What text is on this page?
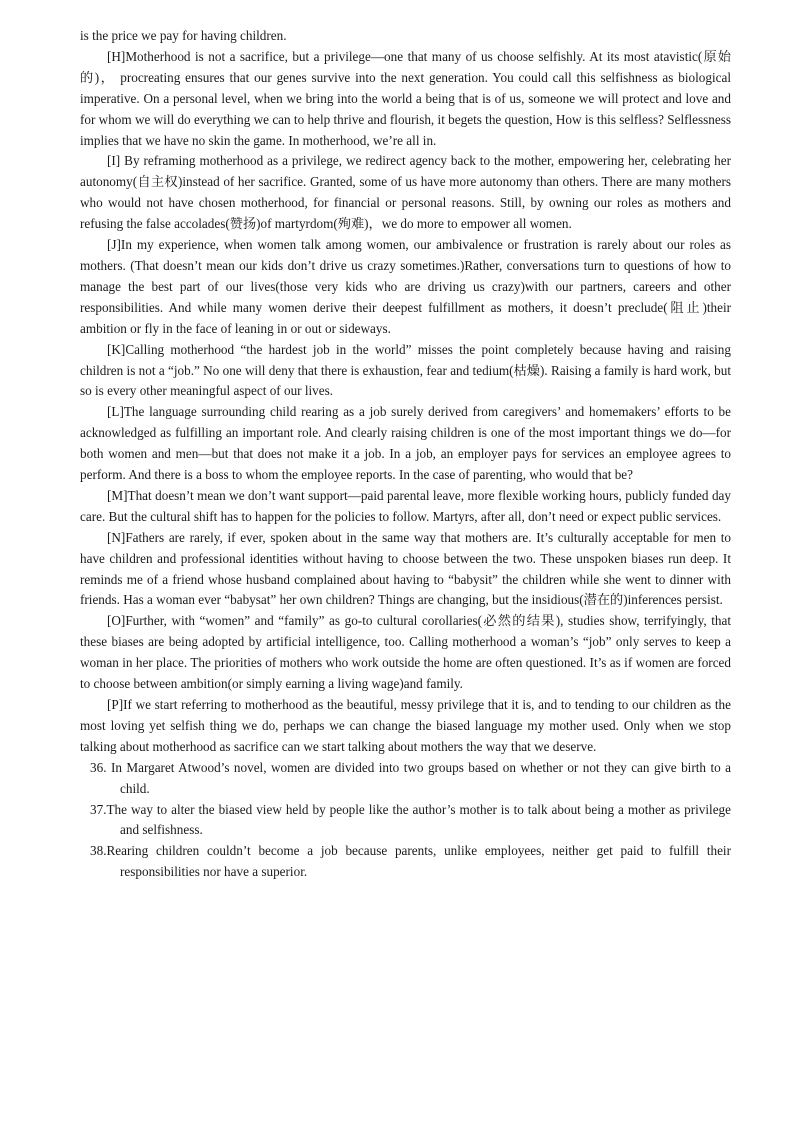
is the price we pay for having children.

[H]Motherhood is not a sacrifice, but a privilege—one that many of us choose selfishly. At its most atavistic(原始的)， procreating ensures that our genes survive into the next generation. You could call this selfishness as biological imperative. On a personal level, when we bring into the world a being that is of us, someone we will protect and love and for whom we will do everything we can to help thrive and flourish, it begets the question, How is this selfless? Selflessness implies that we have no skin the game. In motherhood, we’re all in.

[I] By reframing motherhood as a privilege, we redirect agency back to the mother, empowering her, celebrating her autonomy(自主权)instead of her sacrifice. Granted, some of us have more autonomy than others. There are many mothers who would not have chosen motherhood, for financial or personal reasons. Still, by owning our roles as mothers and refusing the false accolades(赞扬)of martyrdom(殉难)，we do more to empower all women.

[J]In my experience, when women talk among women, our ambivalence or frustration is rarely about our roles as mothers. (That doesn’t mean our kids don’t drive us crazy sometimes.)Rather, conversations turn to questions of how to manage the best part of our lives(those very kids who are driving us crazy)with our partners, careers and other responsibilities. And while many women derive their deepest fulfillment as mothers, it doesn’t preclude(阻止)their ambition or fly in the face of leaning in or out or sideways.

[K]Calling motherhood “the hardest job in the world” misses the point completely because having and raising children is not a “job.” No one will deny that there is exhaustion, fear and tedium(枯燥). Raising a family is hard work, but so is every other meaningful aspect of our lives.

[L]The language surrounding child rearing as a job surely derived from caregivers’ and homemakers’ efforts to be acknowledged as fulfilling an important role. And clearly raising children is one of the most important things we do—for both women and men—but that does not make it a job. In a job, an employer pays for services an employee agrees to perform. And there is a boss to whom the employee reports. In the case of parenting, who would that be?

[M]That doesn’t mean we don’t want support—paid parental leave, more flexible working hours, publicly funded day care. But the cultural shift has to happen for the policies to follow. Martyrs, after all, don’t need or expect public services.

[N]Fathers are rarely, if ever, spoken about in the same way that mothers are. It’s culturally acceptable for men to have children and professional identities without having to choose between the two. These unspoken biases run deep. It reminds me of a friend whose husband complained about having to “babysit” the children while she went to dinner with friends. Has a woman ever “babysat” her own children? Things are changing, but the insidious(潜在的)inferences persist.

[O]Further, with “women” and “family” as go-to cultural corollaries(必然的结果), studies show, terrifyingly, that these biases are being adopted by artificial intelligence, too. Calling motherhood a woman’s “job” only serves to keep a woman in her place. The priorities of mothers who work outside the home are often questioned. It’s as if women are forced to choose between ambition(or simply earning a living wage)and family.

[P]If we start referring to motherhood as the beautiful, messy privilege that it is, and to tending to our children as the most loving yet selfish thing we do, perhaps we can change the biased language my mother used. Only when we stop talking about motherhood as sacrifice can we start talking about mothers the way that we deserve.

36. In Margaret Atwood’s novel, women are divided into two groups based on whether or not they can give birth to a child.

37.The way to alter the biased view held by people like the author’s mother is to talk about being a mother as privilege and selfishness.

38.Rearing children couldn’t become a job because parents, unlike employees, neither get paid to fulfill their responsibilities nor have a superior.
